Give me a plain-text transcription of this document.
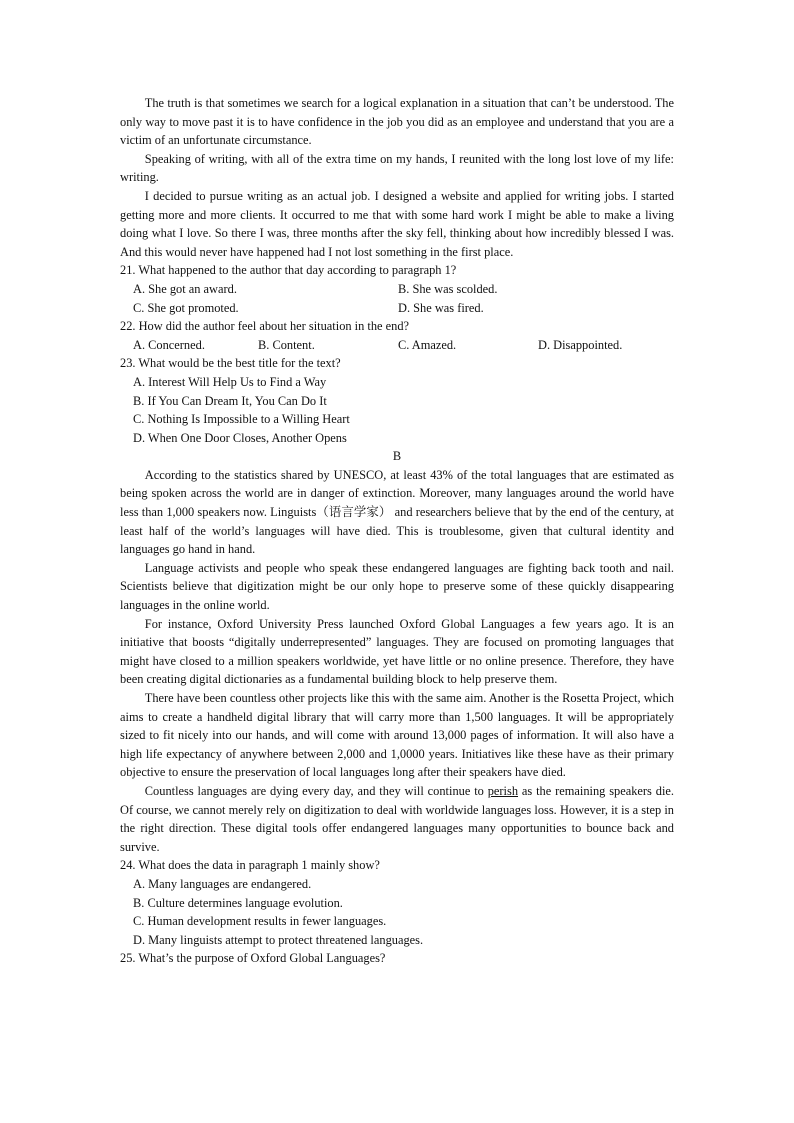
The truth is that sometimes we search for a logical explanation in a situation that can’t be understood. The only way to move past it is to have confidence in the job you did as an employee and understand that you are a victim of an unfortunate circumstance.

Speaking of writing, with all of the extra time on my hands, I reunited with the long lost love of my life: writing.

I decided to pursue writing as an actual job. I designed a website and applied for writing jobs. I started getting more and more clients. It occurred to me that with some hard work I might be able to make a living doing what I love. So there I was, three months after the sky fell, thinking about how incredibly blessed I was. And this would never have happened had I not lost something in the first place.

21. What happened to the author that day according to paragraph 1?

A. She got an award.	B. She was scolded.
C. She got promoted.	D. She was fired.

22. How did the author feel about her situation in the end?

A. Concerned.	B. Content.	C. Amazed.	D. Disappointed.

23. What would be the best title for the text?

A. Interest Will Help Us to Find a Way

B. If You Can Dream It, You Can Do It

C. Nothing Is Impossible to a Willing Heart

D. When One Door Closes, Another Opens

B

According to the statistics shared by UNESCO, at least 43% of the total languages that are estimated as being spoken across the world are in danger of extinction. Moreover, many languages around the world have less than 1,000 speakers now. Linguists（语言学家） and researchers believe that by the end of the century, at least half of the world’s languages will have died. This is troublesome, given that cultural identity and languages go hand in hand.

Language activists and people who speak these endangered languages are fighting back tooth and nail. Scientists believe that digitization might be our only hope to preserve some of these quickly disappearing languages in the online world.

For instance, Oxford University Press launched Oxford Global Languages a few years ago. It is an initiative that boosts “digitally underrepresented” languages. They are focused on promoting languages that might have closed to a million speakers worldwide, yet have little or no online presence. Therefore, they have been creating digital dictionaries as a fundamental building block to help preserve them.

There have been countless other projects like this with the same aim. Another is the Rosetta Project, which aims to create a handheld digital library that will carry more than 1,500 languages. It will be appropriately sized to fit nicely into our hands, and will come with around 13,000 pages of information. It will also have a high life expectancy of anywhere between 2,000 and 1,0000 years. Initiatives like these have as their primary objective to ensure the preservation of local languages long after their speakers have died.

Countless languages are dying every day, and they will continue to perish as the remaining speakers die. Of course, we cannot merely rely on digitization to deal with worldwide languages loss. However, it is a step in the right direction. These digital tools offer endangered languages many opportunities to bounce back and survive.

24. What does the data in paragraph 1 mainly show?

A. Many languages are endangered.

B. Culture determines language evolution.

C. Human development results in fewer languages.

D. Many linguists attempt to protect threatened languages.

25. What’s the purpose of Oxford Global Languages?
